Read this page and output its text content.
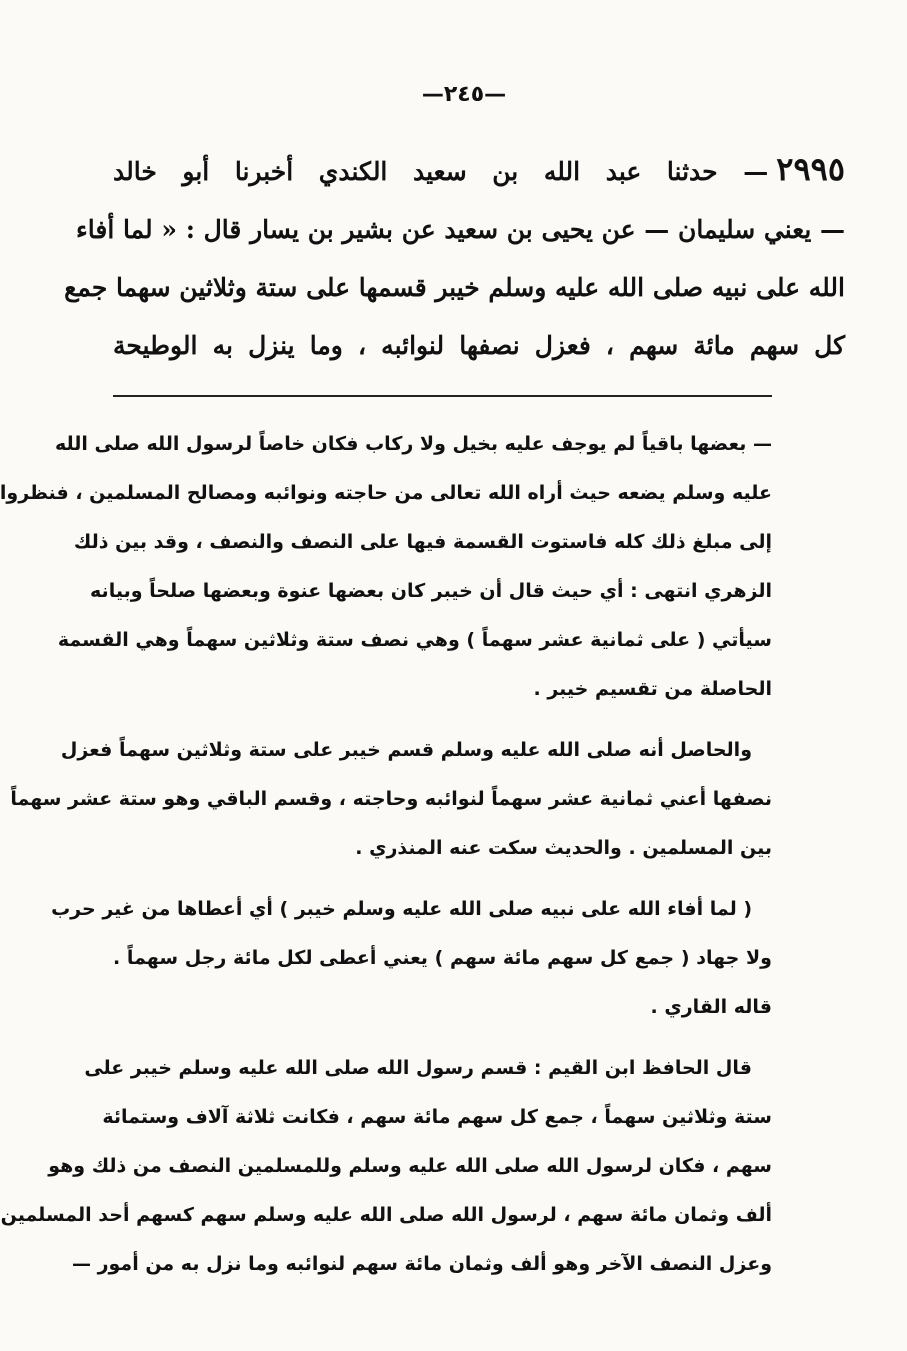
—٢٤٥—
٢٩٩٥— حدثنا عبد الله بن سعيد الكندي أخبرنا أبو خالد
— يعني سليمان — عن يحيى بن سعيد عن بشير بن يسار قال : « لما أفاء
الله على نبيه صلى الله عليه وسلم خيبر قسمها على ستة وثلاثين سهما جمع
كل سهم مائة سهم ، فعزل نصفها لنوائبه ، وما ينزل به الوطيحة
— بعضها باقياً لم يوجف عليه بخيل ولا ركاب فكان خاصاً لرسول الله صلى الله
عليه وسلم يضعه حيث أراه الله تعالى من حاجته ونوائبه ومصالح المسلمين ، فنظروا
إلى مبلغ ذلك كله فاستوت القسمة فيها على النصف والنصف ، وقد بين ذلك
الزهري انتهى : أي حيث قال أن خيبر كان بعضها عنوة وبعضها صلحاً وبيانه
سيأتي ( على ثمانية عشر سهماً ) وهي نصف ستة وثلاثين سهماً وهي القسمة
الحاصلة من تقسيم خيبر .
والحاصل أنه صلى الله عليه وسلم قسم خيبر على ستة وثلاثين سهماً فعزل
نصفها أعني ثمانية عشر سهماً لنوائبه وحاجته ، وقسم الباقي وهو ستة عشر سهماً
بين المسلمين . والحديث سكت عنه المنذري .
( لما أفاء الله على نبيه صلى الله عليه وسلم خيبر ) أي أعطاها من غير حرب
ولا جهاد ( جمع كل سهم مائة سهم ) يعني أعطى لكل مائة رجل سهماً .
قاله القاري .
قال الحافظ ابن القيم : قسم رسول الله صلى الله عليه وسلم خيبر على
ستة وثلاثين سهماً ، جمع كل سهم مائة سهم ، فكانت ثلاثة آلاف وستمائة
سهم ، فكان لرسول الله صلى الله عليه وسلم وللمسلمين النصف من ذلك وهو
ألف وثمان مائة سهم ، لرسول الله صلى الله عليه وسلم سهم كسهم أحد المسلمين
وعزل النصف الآخر وهو ألف وثمان مائة سهم لنوائبه وما نزل به من أمور —
